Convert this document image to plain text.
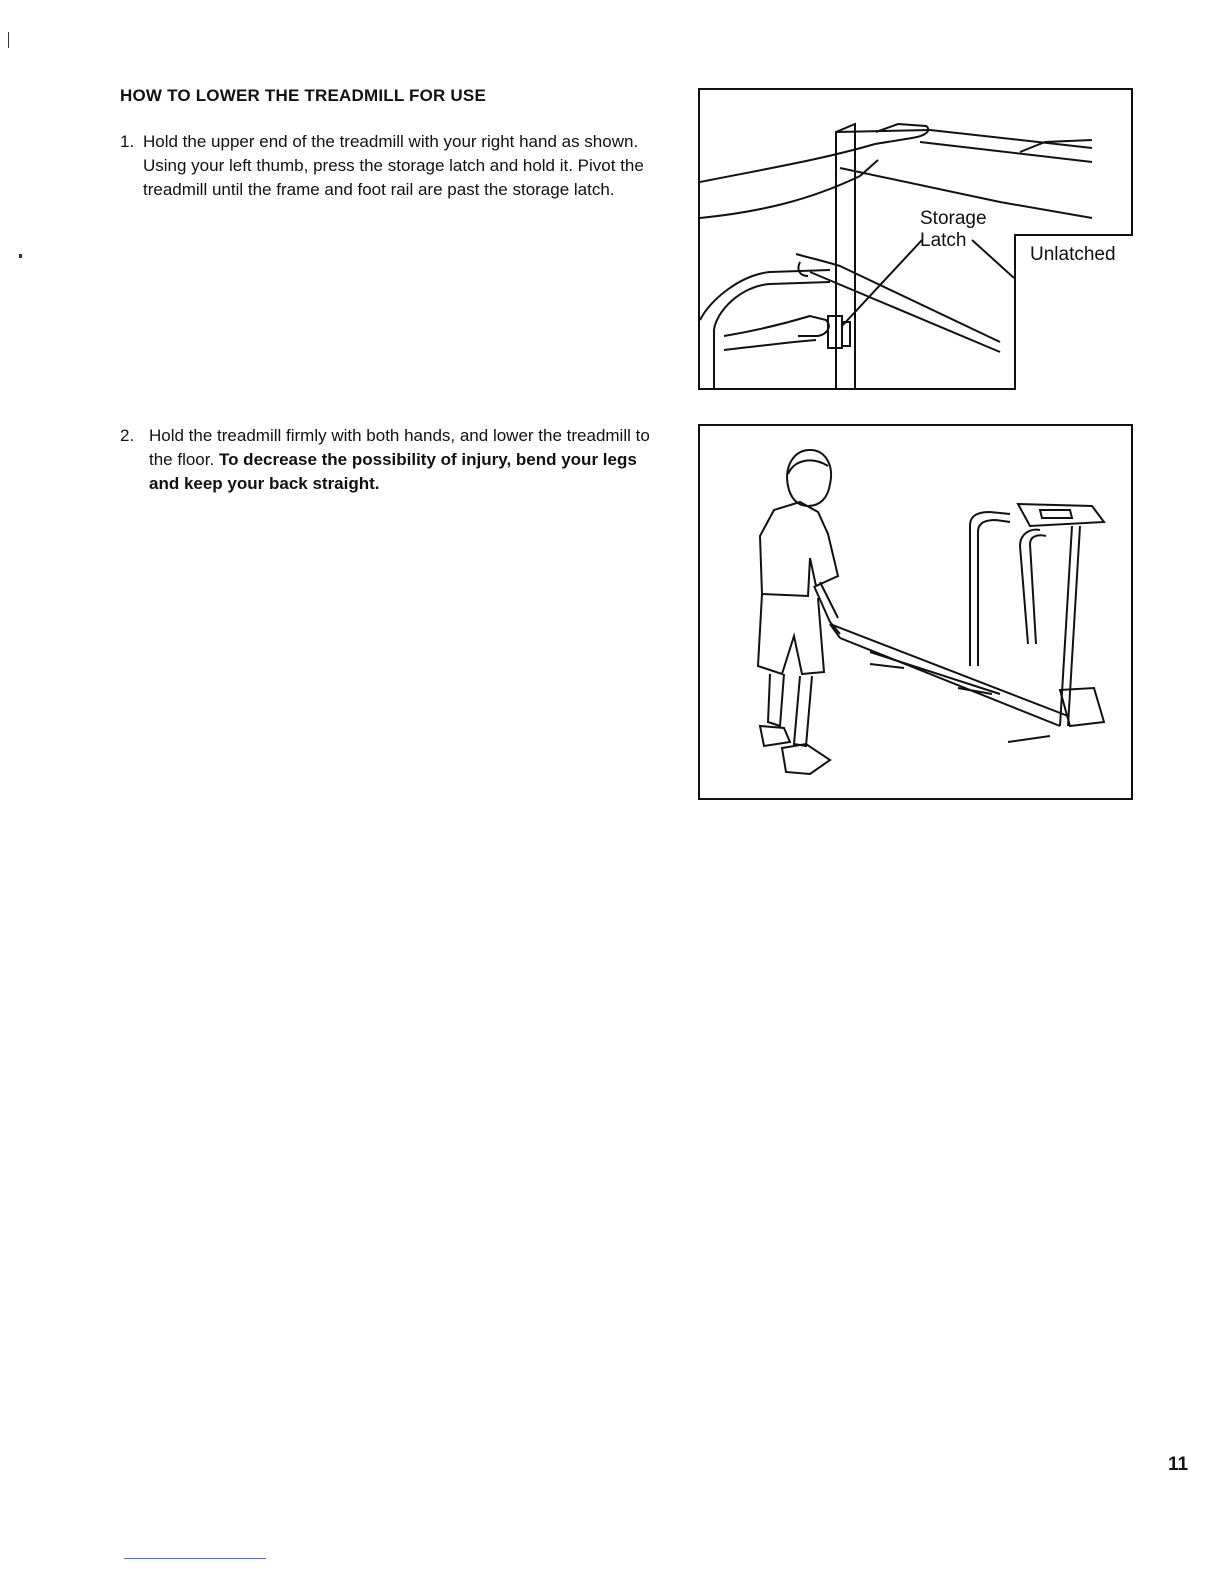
HOW TO LOWER THE TREADMILL FOR USE
1. Hold the upper end of the treadmill with your right hand as shown. Using your left thumb, press the storage latch and hold it. Pivot the treadmill until the frame and foot rail are past the storage latch.
2. Hold the treadmill firmly with both hands, and lower the treadmill to the floor. To decrease the possibility of injury, bend your legs and keep your back straight.
Storage
Latch
Unlatched
11
